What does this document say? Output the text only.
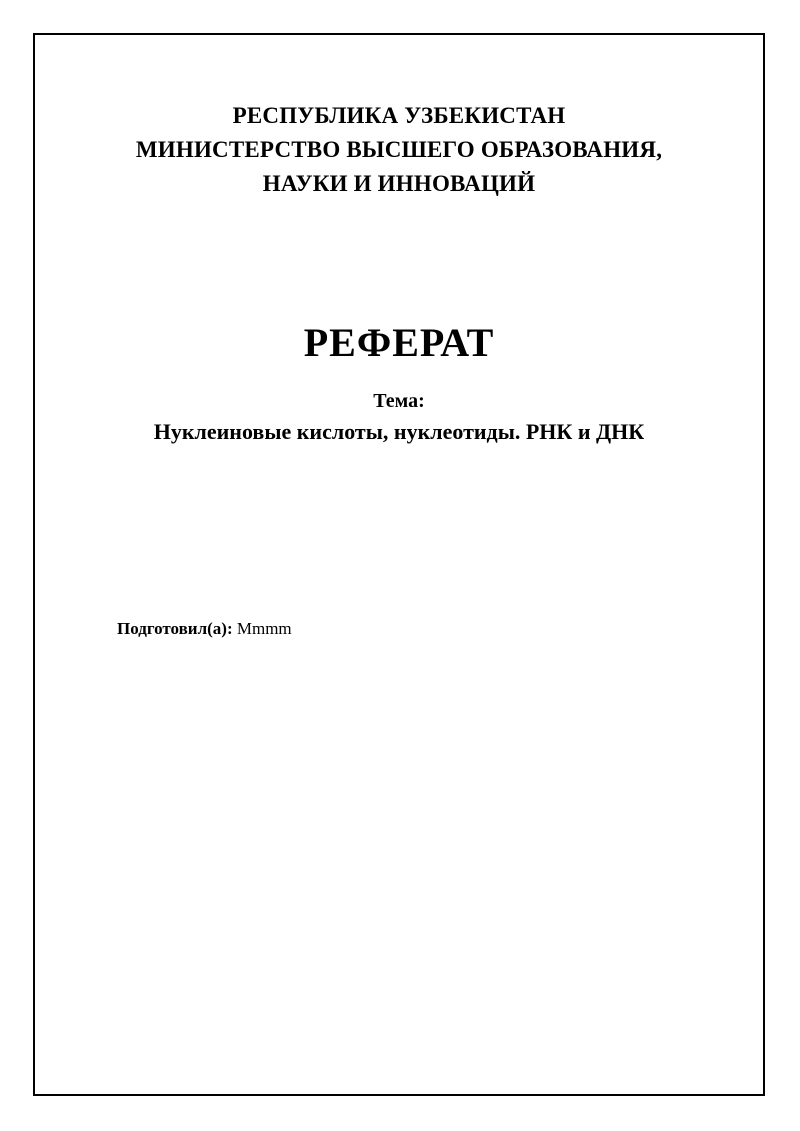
РЕСПУБЛИКА УЗБЕКИСТАН
МИНИСТЕРСТВО ВЫСШЕГО ОБРАЗОВАНИЯ,
НАУКИ И ИННОВАЦИЙ
РЕФЕРАТ
Тема:
Нуклеиновые кислоты, нуклеотиды. РНК и ДНК
Подготовил(а): Mmmm
